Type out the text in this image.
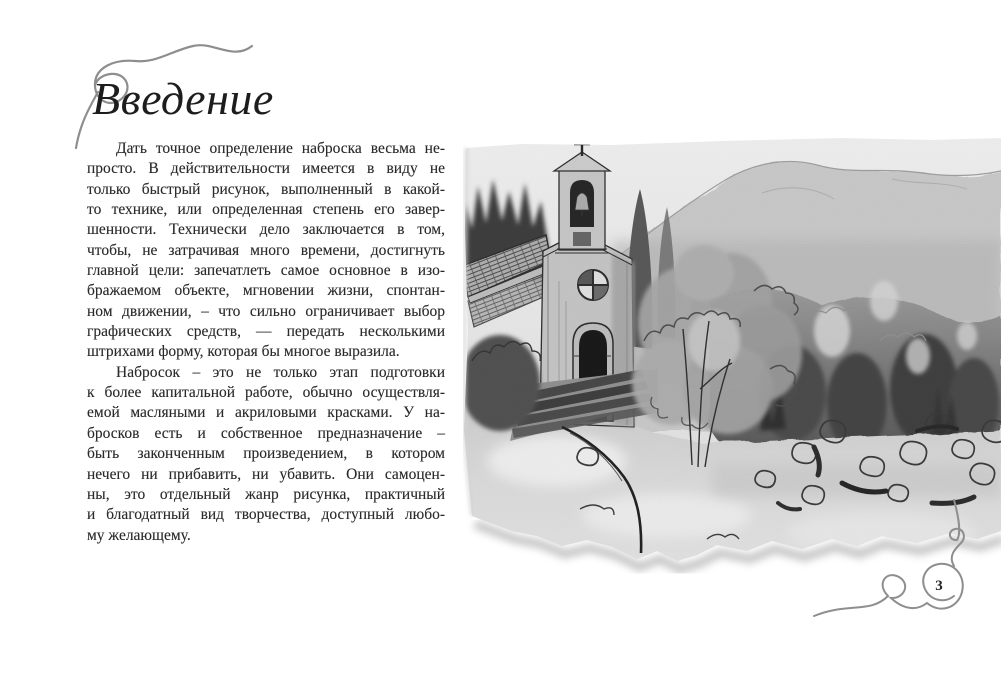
Введение
Дать точное определение наброска весьма не-
просто. В действительности имеется в виду не
только быстрый рисунок, выполненный в какой-
то технике, или определенная степень его завер-
шенности. Технически дело заключается в том,
чтобы, не затрачивая много времени, достигнуть
главной цели: запечатлеть самое основное в изо-
бражаемом объекте, мгновении жизни, спонтан-
ном движении, – что сильно ограничивает выбор
графических средств, — передать несколькими
штрихами форму, которая бы многое выразила.
Набросок – это не только этап подготовки
к более капитальной работе, обычно осуществля-
емой масляными и акриловыми красками. У на-
бросков есть и собственное предназначение –
быть законченным произведением, в котором
нечего ни прибавить, ни убавить. Они самоцен-
ны, это отдельный жанр рисунка, практичный
и благодатный вид творчества, доступный любо-
му желающему.
3
